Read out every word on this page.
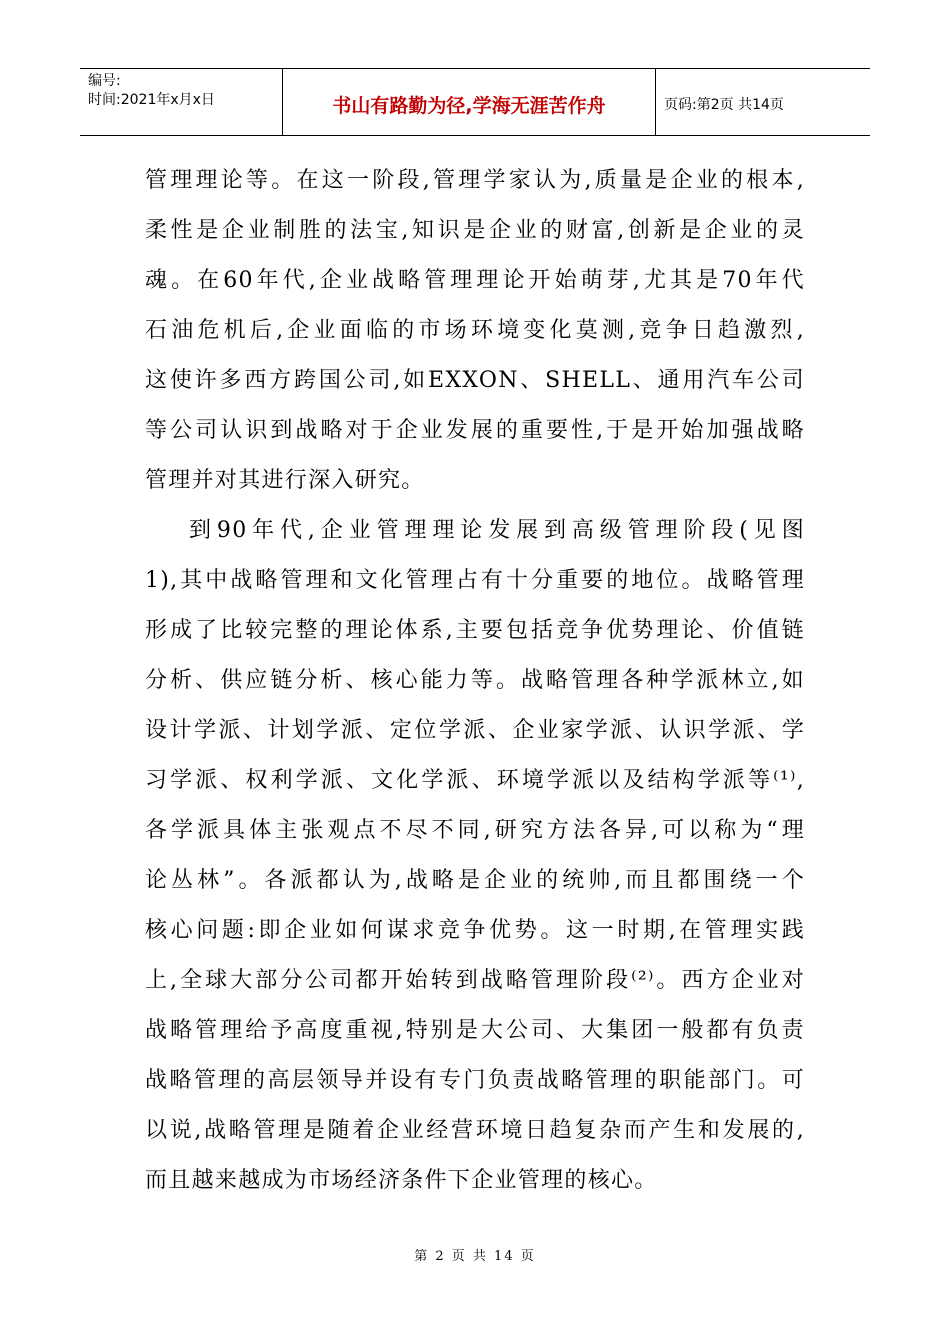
编号:
时间:2021年x月x日	书山有路勤为径,学海无涯苦作舟	页码:第2页 共14页
管理理论等。在这一阶段,管理学家认为,质量是企业的根本,
柔性是企业制胜的法宝,知识是企业的财富,创新是企业的灵
魂。在60年代,企业战略管理理论开始萌芽,尤其是70年代
石油危机后,企业面临的市场环境变化莫测,竞争日趋激烈,
这使许多西方跨国公司,如EXXON、SHELL、通用汽车公司
等公司认识到战略对于企业发展的重要性,于是开始加强战略
管理并对其进行深入研究。
到90年代,企业管理理论发展到高级管理阶段(见图
1),其中战略管理和文化管理占有十分重要的地位。战略管理
形成了比较完整的理论体系,主要包括竞争优势理论、价值链
分析、供应链分析、核心能力等。战略管理各种学派林立,如
设计学派、计划学派、定位学派、企业家学派、认识学派、学
习学派、权利学派、文化学派、环境学派以及结构学派等⁽¹⁾,
各学派具体主张观点不尽不同,研究方法各异,可以称为“理
论丛林”。各派都认为,战略是企业的统帅,而且都围绕一个
核心问题:即企业如何谋求竞争优势。这一时期,在管理实践
上,全球大部分公司都开始转到战略管理阶段⁽²⁾。西方企业对
战略管理给予高度重视,特别是大公司、大集团一般都有负责
战略管理的高层领导并设有专门负责战略管理的职能部门。可
以说,战略管理是随着企业经营环境日趋复杂而产生和发展的,
而且越来越成为市场经济条件下企业管理的核心。
第 2 页 共 14 页
